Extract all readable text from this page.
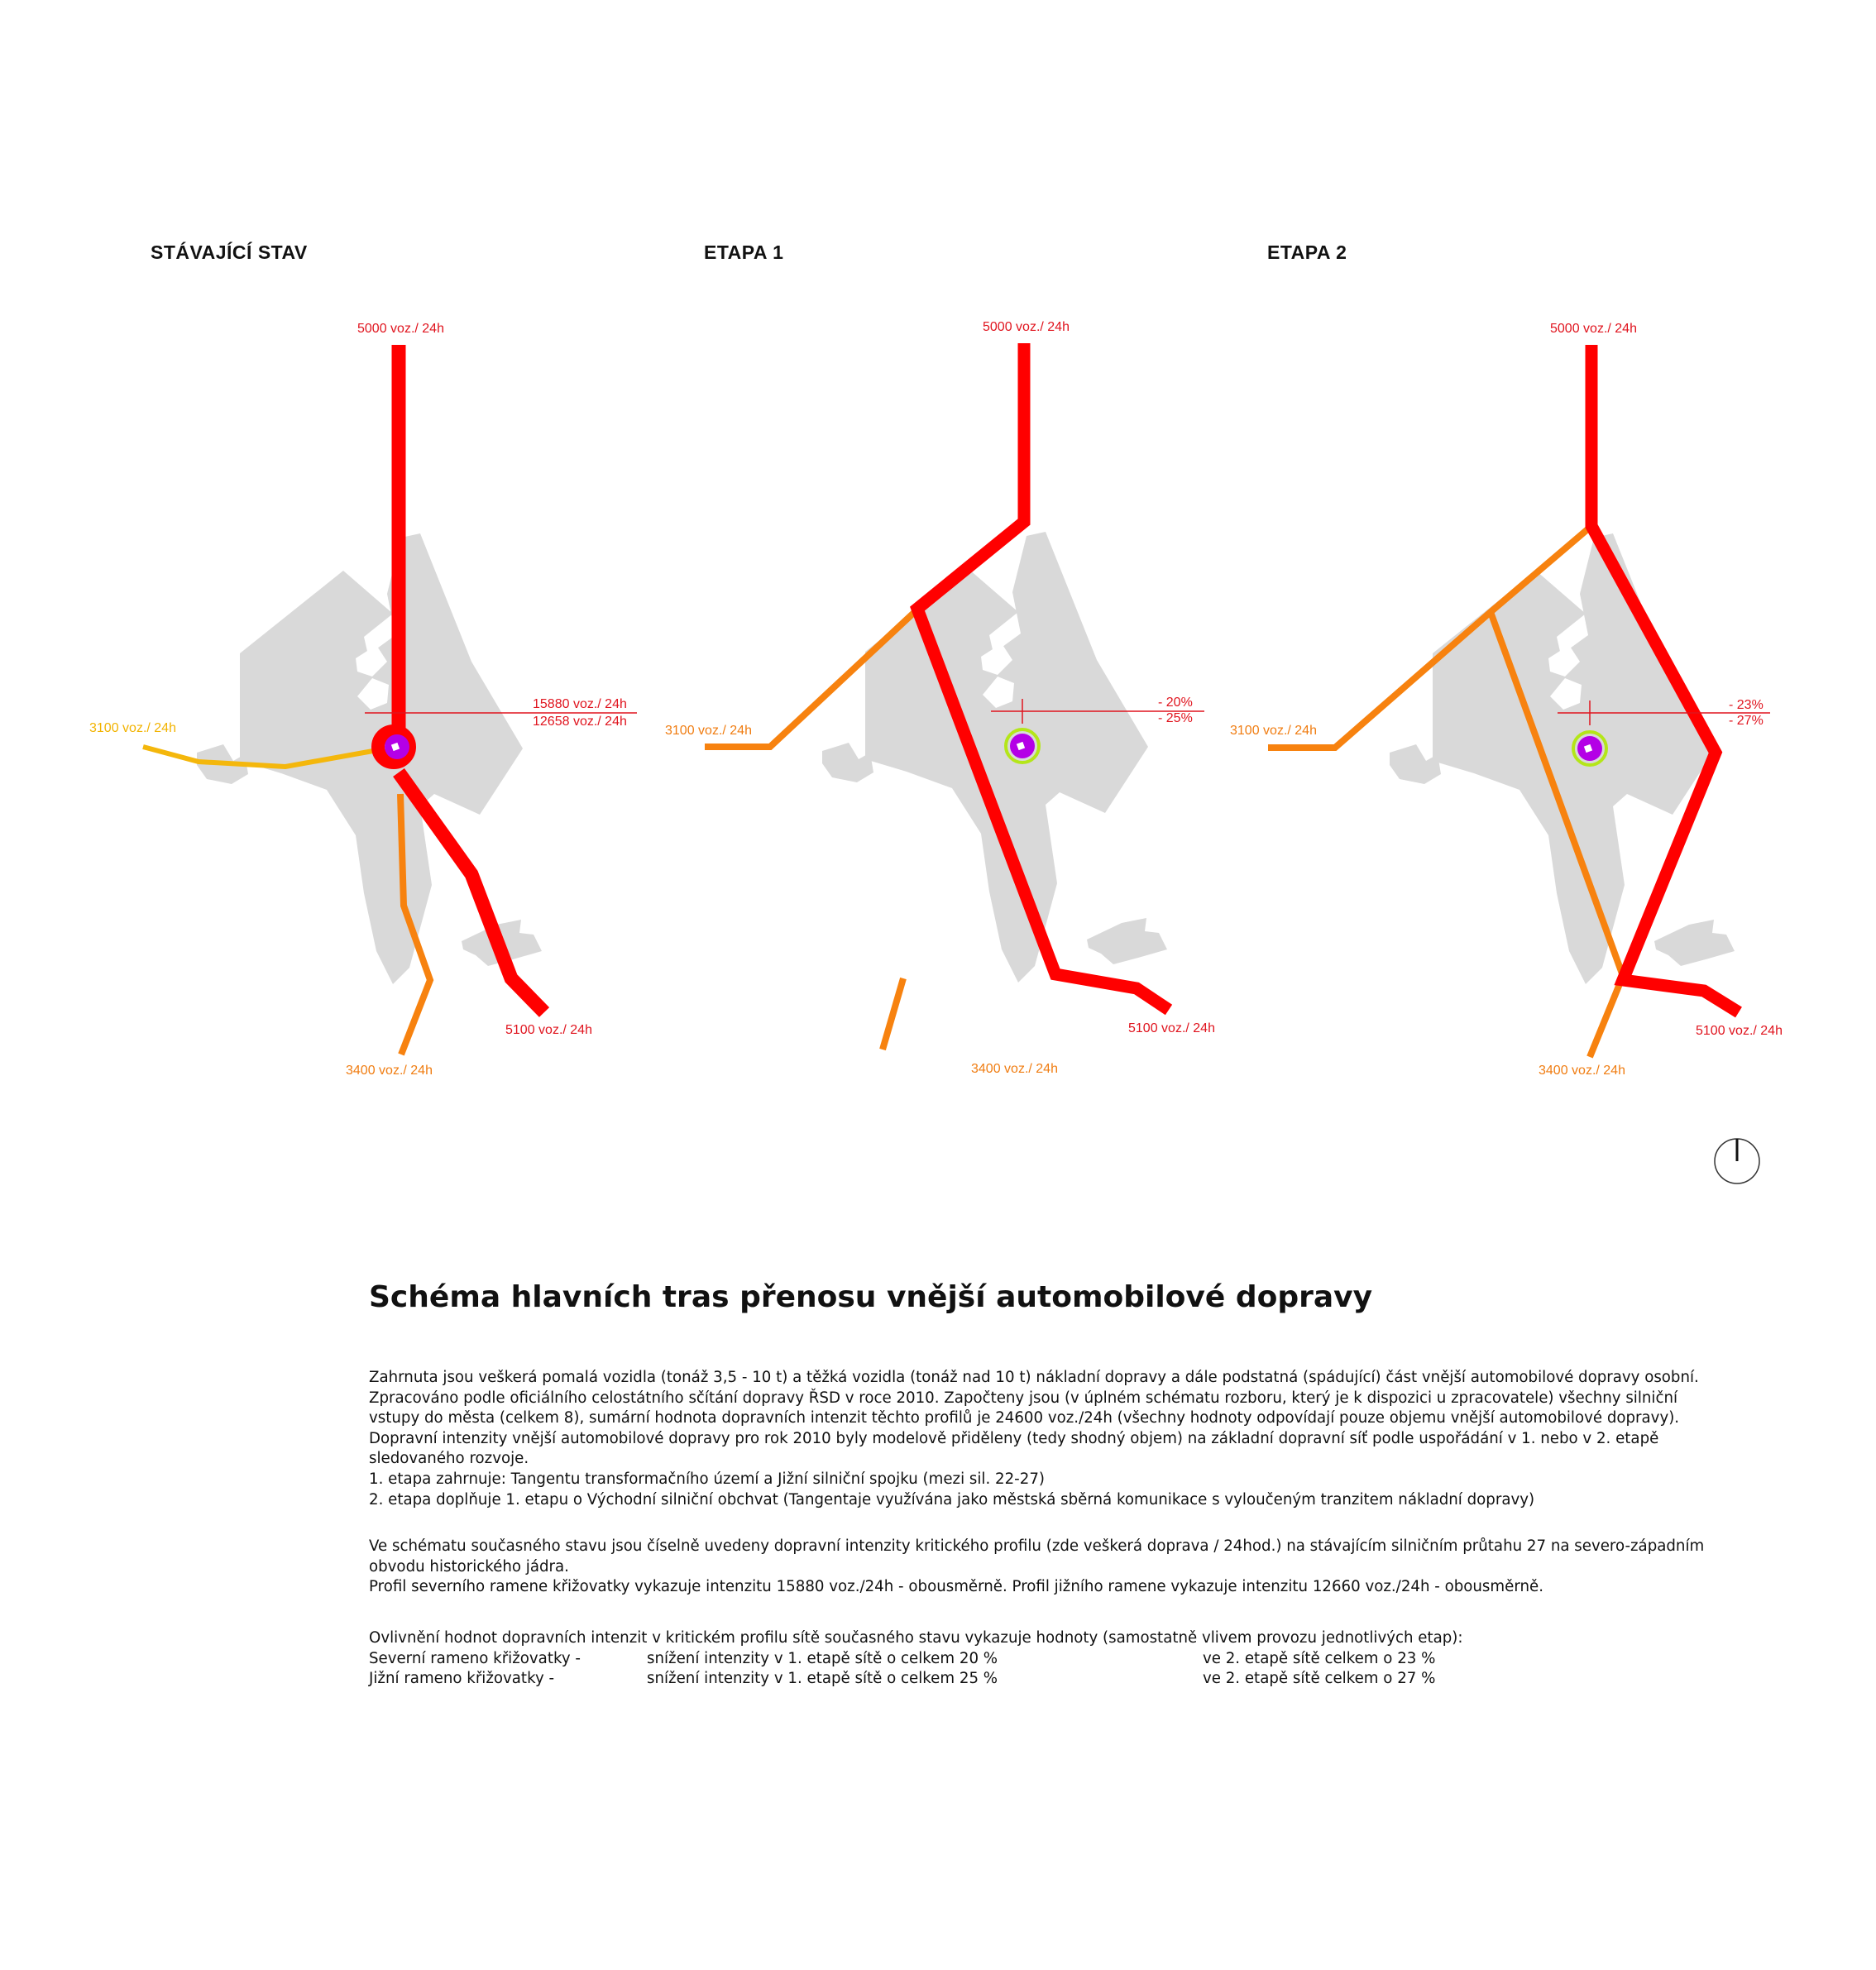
STÁVAJÍCÍ STAV	ETAPA 1	ETAPA 2
5000 voz./ 24h
3100 voz./ 24h
15880 voz./ 24h
12658 voz./ 24h
5100 voz./ 24h
3400 voz./ 24h
5000 voz./ 24h
3100 voz./ 24h
- 20%
- 25%
5100 voz./ 24h
3400 voz./ 24h
5000 voz./ 24h
3100 voz./ 24h
- 23%
- 27%
5100 voz./ 24h
3400 voz./ 24h
Schéma hlavních tras přenosu vnější automobilové dopravy

Zahrnuta jsou veškerá pomalá vozidla (tonáž 3,5 - 10 t) a těžká vozidla (tonáž nad 10 t) nákladní dopravy a dále podstatná (spádující) část vnější automobilové dopravy osobní.

Zpracováno podle oficiálního celostátního sčítání dopravy ŘSD v roce 2010. Započteny jsou (v úplném schématu rozboru, který je k dispozici u zpracovatele) všechny silniční

vstupy do města (celkem 8), sumární hodnota dopravních intenzit těchto profilů je 24600 voz./24h (všechny hodnoty odpovídají pouze objemu vnější automobilové dopravy).

Dopravní intenzity vnější automobilové dopravy pro rok 2010 byly modelově přiděleny (tedy shodný objem) na základní dopravní síť podle uspořádání v 1. nebo v 2. etapě

sledovaného rozvoje.

1. etapa zahrnuje: Tangentu transformačního území a Jižní silniční spojku (mezi sil. 22-27)

2. etapa doplňuje 1. etapu o Východní silniční obchvat (Tangentaje využívána jako městská sběrná komunikace s vyloučeným tranzitem nákladní dopravy)

Ve schématu současného stavu jsou číselně uvedeny dopravní intenzity kritického profilu (zde veškerá doprava / 24hod.) na stávajícím silničním průtahu 27 na severo-západním

obvodu historického jádra.

Profil severního ramene křižovatky vykazuje intenzitu 15880 voz./24h - obousměrně. Profil jižního ramene vykazuje intenzitu 12660 voz./24h - obousměrně.

Ovlivnění hodnot dopravních intenzit v kritickém profilu sítě současného stavu vykazuje hodnoty (samostatně vlivem provozu jednotlivých etap):
Severní rameno křižovatky -	snížení intenzity v 1. etapě sítě o celkem 20 %	ve 2. etapě sítě celkem o 23 %
Jižní rameno křižovatky -	snížení intenzity v 1. etapě sítě o celkem 25 %	ve 2. etapě sítě celkem o 27 %
